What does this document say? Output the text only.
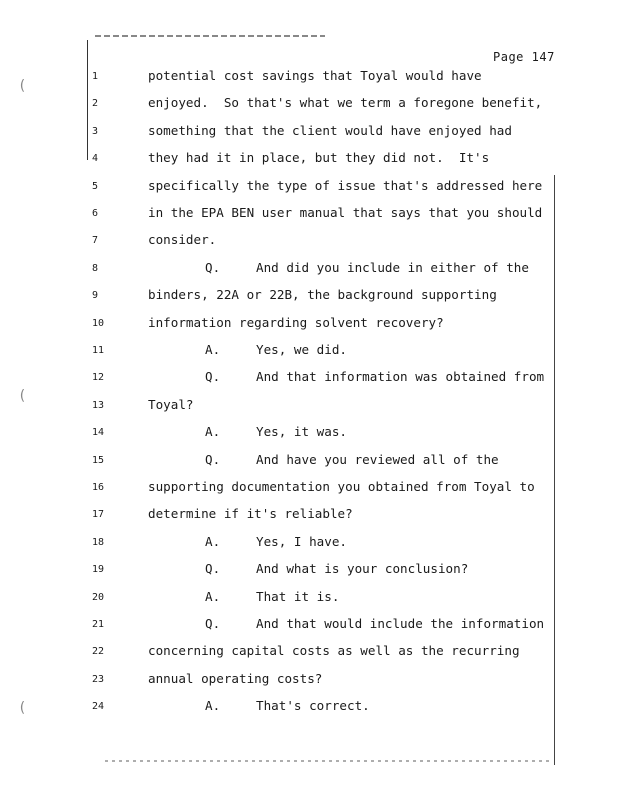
Page 147
(
(
(
1	potential cost savings that Toyal would have
2	enjoyed.  So that's what we term a foregone benefit,
3	something that the client would have enjoyed had
4	they had it in place, but they did not.  It's
5	specifically the type of issue that's addressed here
6	in the EPA BEN user manual that says that you should
7	consider.
8	Q.	And did you include in either of the
9	binders, 22A or 22B, the background supporting
10	information regarding solvent recovery?
11	A.	Yes, we did.
12	Q.	And that information was obtained from
13	Toyal?
14	A.	Yes, it was.
15	Q.	And have you reviewed all of the
16	supporting documentation you obtained from Toyal to
17	determine if it's reliable?
18	A.	Yes, I have.
19	Q.	And what is your conclusion?
20	A.	That it is.
21	Q.	And that would include the information
22	concerning capital costs as well as the recurring
23	annual operating costs?
24	A.	That's correct.
